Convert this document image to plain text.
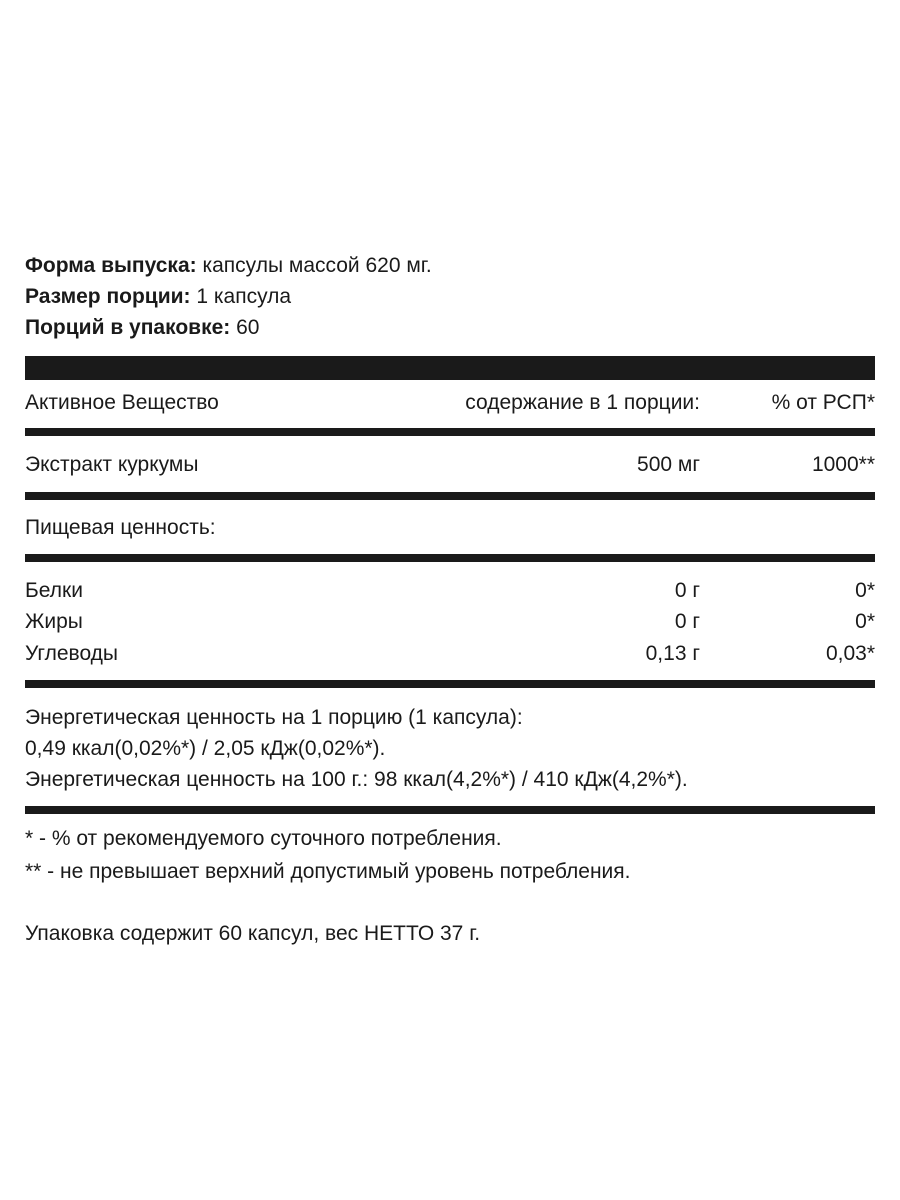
Форма выпуска: капсулы массой 620 мг.
Размер порции: 1 капсула
Порций в упаковке: 60
Активное Вещество	содержание в 1 порции:	% от РСП*
Экстракт куркумы	500 мг	1000**
Пищевая ценность:
Белки	0 г	0*
Жиры	0 г	0*
Углеводы	0,13 г	0,03*
Энергетическая ценность на 1 порцию (1 капсула):
0,49 ккал(0,02%*) / 2,05 кДж(0,02%*).
Энергетическая ценность на 100 г.: 98 ккал(4,2%*) / 410 кДж(4,2%*).
* - % от рекомендуемого суточного потребления.
** - не превышает верхний допустимый уровень потребления.
Упаковка содержит 60 капсул, вес НЕТТО 37 г.
